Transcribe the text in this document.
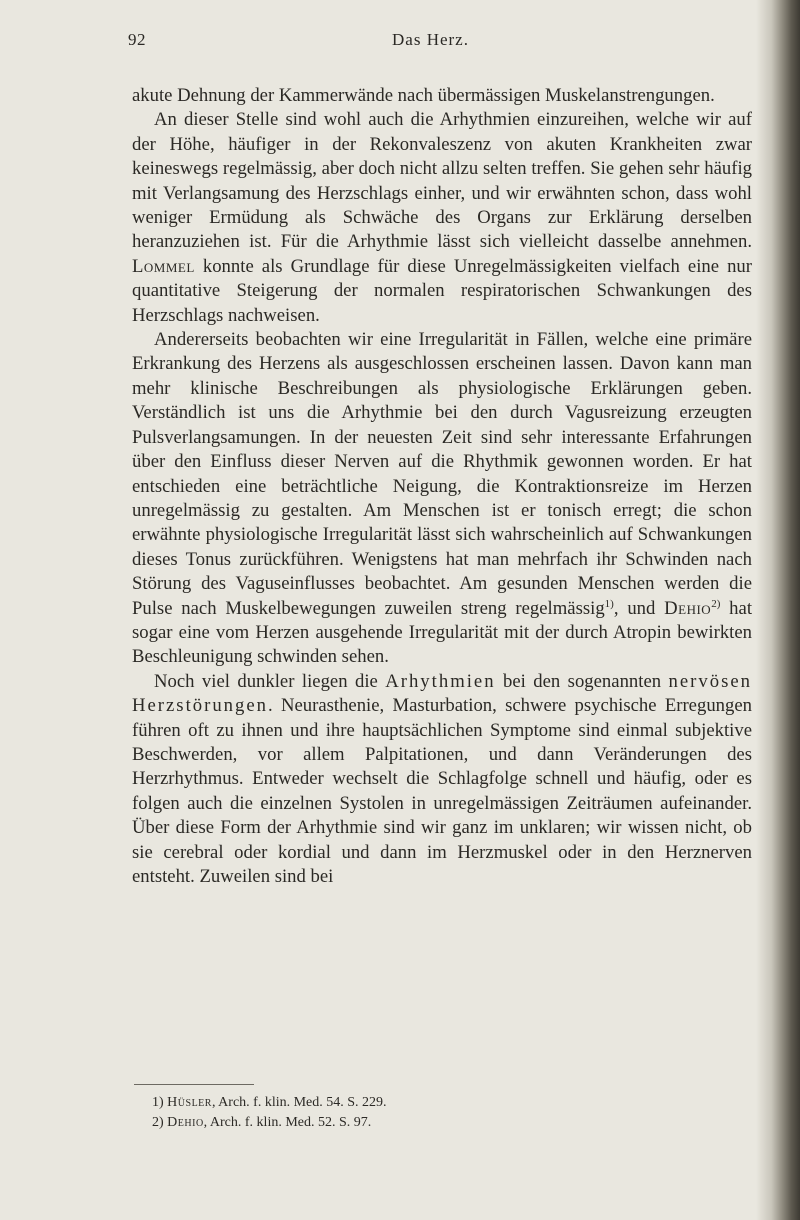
92	Das Herz.

akute Dehnung der Kammerwände nach übermässigen Muskelanstrengungen.

An dieser Stelle sind wohl auch die Arhythmien einzureihen, welche wir auf der Höhe, häufiger in der Rekonvaleszenz von akuten Krankheiten zwar keineswegs regelmässig, aber doch nicht allzu selten treffen. Sie gehen sehr häufig mit Verlangsamung des Herzschlags einher, und wir erwähnten schon, dass wohl weniger Ermüdung als Schwäche des Organs zur Erklärung derselben heranzuziehen ist. Für die Arhythmie lässt sich vielleicht dasselbe annehmen. Lommel konnte als Grundlage für diese Unregelmässigkeiten vielfach eine nur quantitative Steigerung der normalen respiratorischen Schwankungen des Herzschlags nachweisen.

Andererseits beobachten wir eine Irregularität in Fällen, welche eine primäre Erkrankung des Herzens als ausgeschlossen erscheinen lassen. Davon kann man mehr klinische Beschreibungen als physiologische Erklärungen geben. Verständlich ist uns die Arhythmie bei den durch Vagusreizung erzeugten Pulsverlangsamungen. In der neuesten Zeit sind sehr interessante Erfahrungen über den Einfluss dieser Nerven auf die Rhythmik gewonnen worden. Er hat entschieden eine beträchtliche Neigung, die Kontraktionsreize im Herzen unregelmässig zu gestalten. Am Menschen ist er tonisch erregt; die schon erwähnte physiologische Irregularität lässt sich wahrscheinlich auf Schwankungen dieses Tonus zurückführen. Wenigstens hat man mehrfach ihr Schwinden nach Störung des Vaguseinflusses beobachtet. Am gesunden Menschen werden die Pulse nach Muskelbewegungen zuweilen streng regelmässig$^{1)}$, und Dehio$^{2)}$ hat sogar eine vom Herzen ausgehende Irregularität mit der durch Atropin bewirkten Beschleunigung schwinden sehen.

Noch viel dunkler liegen die Arhythmien bei den sogenannten nervösen Herzstörungen. Neurasthenie, Masturbation, schwere psychische Erregungen führen oft zu ihnen und ihre hauptsächlichen Symptome sind einmal subjektive Beschwerden, vor allem Palpitationen, und dann Veränderungen des Herzrhythmus. Entweder wechselt die Schlagfolge schnell und häufig, oder es folgen auch die einzelnen Systolen in unregelmässigen Zeiträumen aufeinander. Über diese Form der Arhythmie sind wir ganz im unklaren; wir wissen nicht, ob sie cerebral oder kordial und dann im Herzmuskel oder in den Herznerven entsteht. Zuweilen sind bei

1) Hüsler, Arch. f. klin. Med. 54. S. 229.

2) Dehio, Arch. f. klin. Med. 52. S. 97.
